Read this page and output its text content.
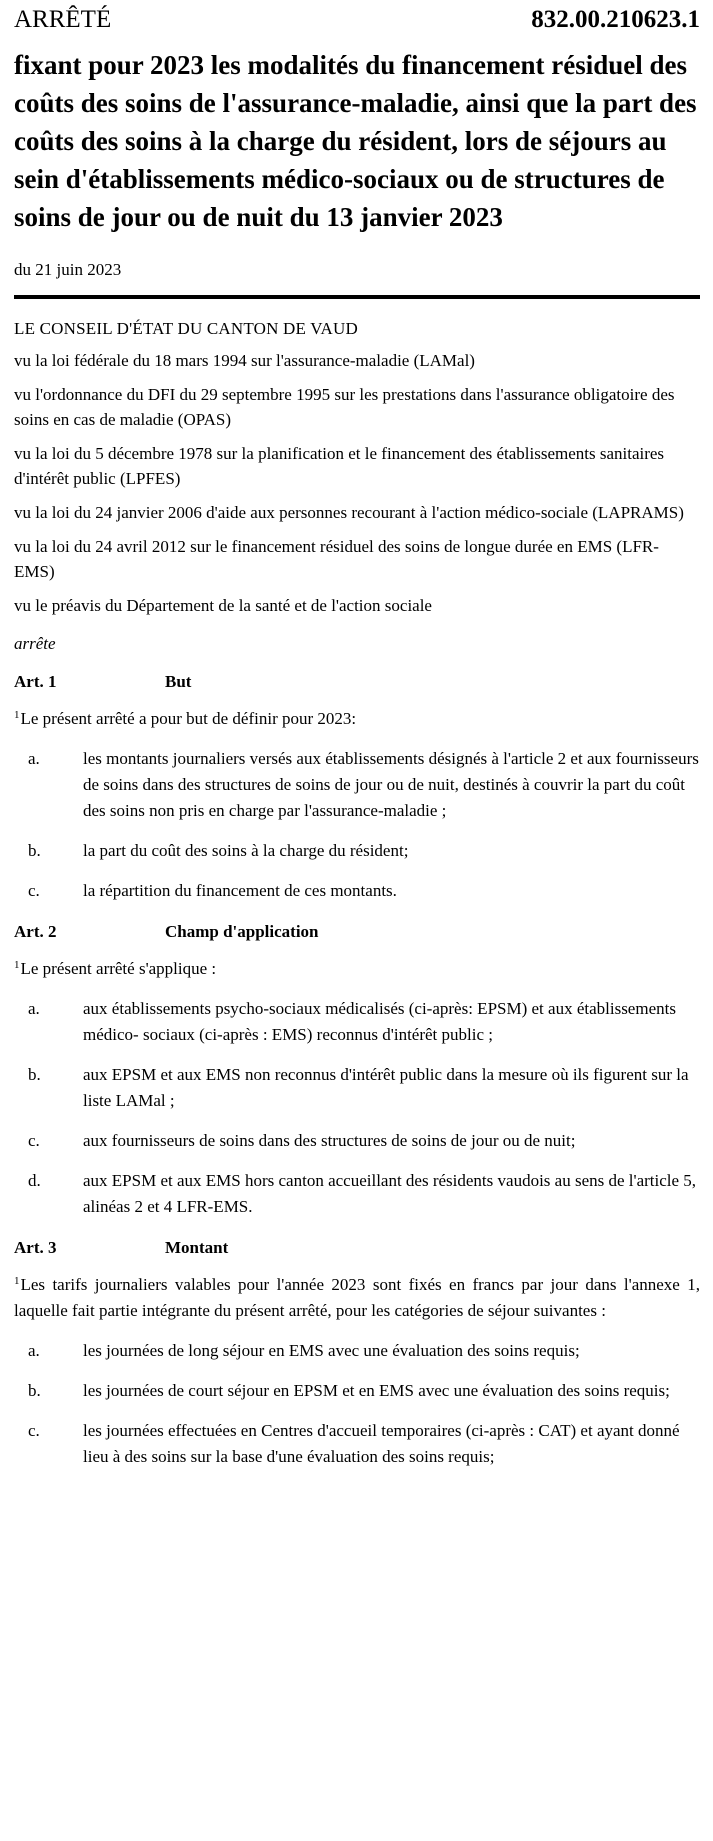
ARRÊTÉ	832.00.210623.1
fixant pour 2023 les modalités du financement résiduel des coûts des soins de l'assurance-maladie, ainsi que la part des coûts des soins à la charge du résident, lors de séjours au sein d'établissements médico-sociaux ou de structures de soins de jour ou de nuit du 13 janvier 2023
du 21 juin 2023
LE CONSEIL D'ÉTAT DU CANTON DE VAUD
vu la loi fédérale du 18 mars 1994 sur l'assurance-maladie (LAMal)
vu l'ordonnance du DFI du 29 septembre 1995 sur les prestations dans l'assurance obligatoire des soins en cas de maladie (OPAS)
vu la loi du 5 décembre 1978 sur la planification et le financement des établissements sanitaires d'intérêt public (LPFES)
vu la loi du 24 janvier 2006 d'aide aux personnes recourant à l'action médico-sociale (LAPRAMS)
vu la loi du 24 avril 2012 sur le financement résiduel des soins de longue durée en EMS (LFR- EMS)
vu le préavis du Département de la santé et de l'action sociale
arrête
Art. 1	But
$^1$Le présent arrêté a pour but de définir pour 2023:
a.	les montants journaliers versés aux établissements désignés à l'article 2 et aux fournisseurs de soins dans des structures de soins de jour ou de nuit, destinés à couvrir la part du coût des soins non pris en charge par l'assurance-maladie ;
b. la part du coût des soins à la charge du résident;
c.	la répartition du financement de ces montants.
Art. 2	Champ d'application
$^1$Le présent arrêté s'applique :
a.	aux établissements psycho-sociaux médicalisés (ci-après: EPSM) et aux établissements médico- sociaux (ci-après : EMS) reconnus d'intérêt public ;
b. aux EPSM et aux EMS non reconnus d'intérêt public dans la mesure où ils figurent sur la liste LAMal ;
c.	aux fournisseurs de soins dans des structures de soins de jour ou de nuit;
d. aux EPSM et aux EMS hors canton accueillant des résidents vaudois au sens de l'article 5, alinéas 2 et 4 LFR-EMS.
Art. 3	Montant
$^1$Les tarifs journaliers valables pour l'année 2023 sont fixés en francs par jour dans l'annexe 1, laquelle fait partie intégrante du présent arrêté, pour les catégories de séjour suivantes :
a.	les journées de long séjour en EMS avec une évaluation des soins requis;
b. les journées de court séjour en EPSM et en EMS avec une évaluation des soins requis;
c.	les journées effectuées en Centres d'accueil temporaires (ci-après : CAT) et ayant donné lieu à des soins sur la base d'une évaluation des soins requis;
